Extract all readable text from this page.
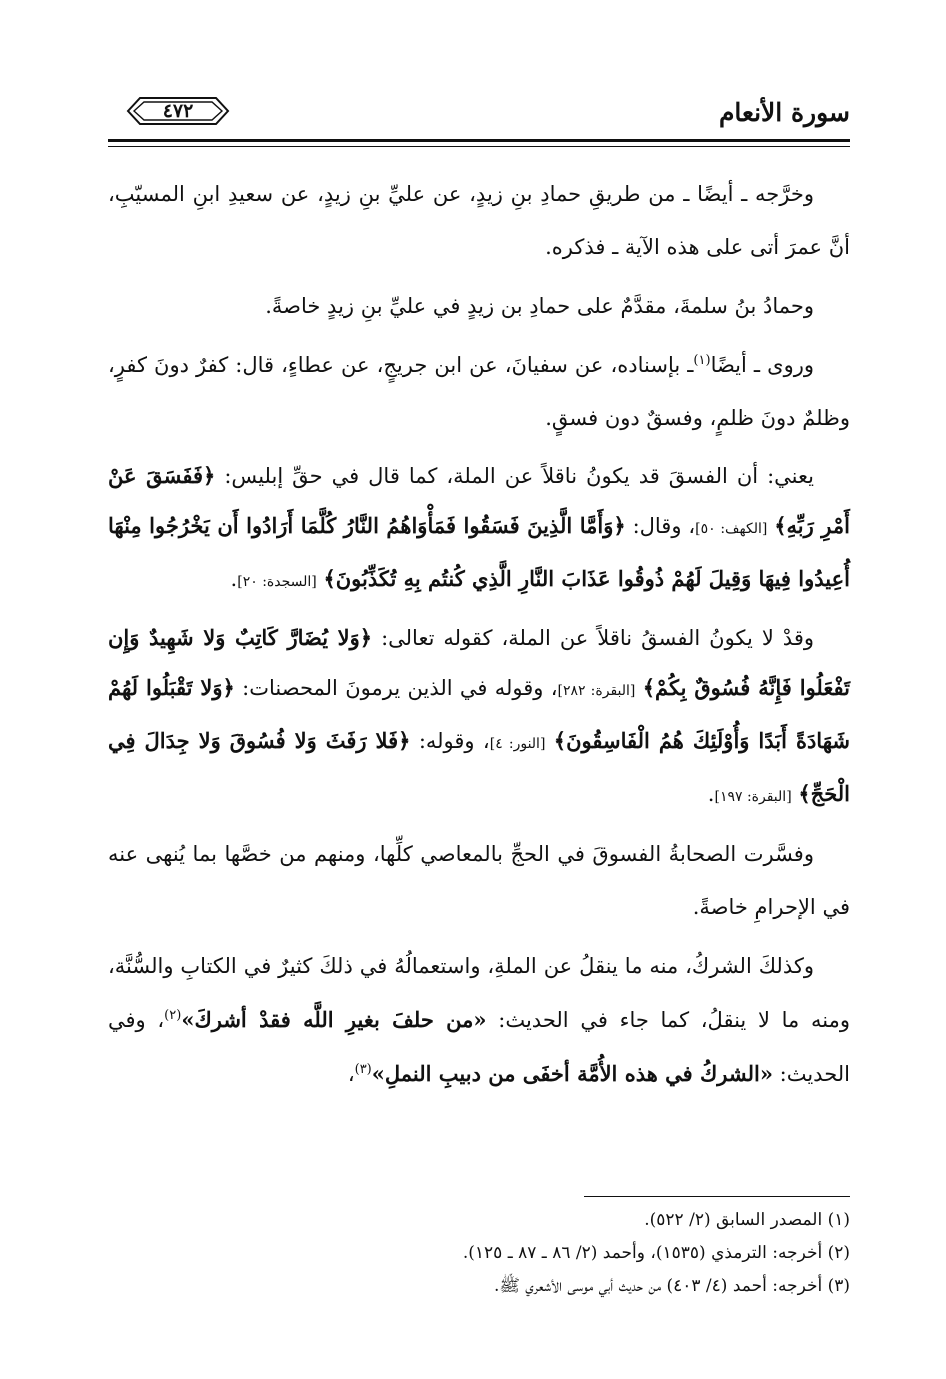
سورة الأنعام
٤٧٢

وخرَّجه ـ أيضًا ـ من طريقِ حمادِ بنِ زيدٍ، عن عليِّ بنِ زيدٍ، عن سعيدِ ابنِ المسيّبِ، أنَّ عمرَ أتى على هذه الآية ـ فذكره.

وحمادُ بنُ سلمةَ، مقدَّمٌ على حمادِ بن زيدٍ في عليِّ بنِ زيدٍ خاصةً.

وروى ـ أيضًا$^{(١)}$ـ بإسناده، عن سفيانَ، عن ابن جريجٍ، عن عطاءٍ، قال: كفرٌ دونَ كفرٍ، وظلمٌ دونَ ظلمٍ، وفسقٌ دون فسقٍ.

يعني: أن الفسقَ قد يكونُ ناقلاً عن الملة، كما قال في حقِّ إبليس: ﴿فَفَسَقَ عَنْ أَمْرِ رَبِّهِ﴾ [الكهف: ٥٠]، وقال: ﴿وَأَمَّا الَّذِينَ فَسَقُوا فَمَأْوَاهُمُ النَّارُ كُلَّمَا أَرَادُوا أَن يَخْرُجُوا مِنْهَا أُعِيدُوا فِيهَا وَقِيلَ لَهُمْ ذُوقُوا عَذَابَ النَّارِ الَّذِي كُنتُم بِهِ تُكَذِّبُونَ﴾ [السجدة: ٢٠].

وقدْ لا يكونُ الفسقُ ناقلاً عن الملة، كقوله تعالى: ﴿وَلا يُضَارَّ كَاتِبٌ وَلا شَهِيدٌ وَإِن تَفْعَلُوا فَإِنَّهُ فُسُوقٌ بِكُمْ﴾ [البقرة: ٢٨٢]، وقوله في الذين يرمونَ المحصنات: ﴿وَلا تَقْبَلُوا لَهُمْ شَهَادَةً أَبَدًا وَأُوْلَئِكَ هُمُ الْفَاسِقُونَ﴾ [النور: ٤]، وقوله: ﴿فَلا رَفَثَ وَلا فُسُوقَ وَلا جِدَالَ فِي الْحَجِّ﴾ [البقرة: ١٩٧].

وفسَّرت الصحابةُ الفسوقَ في الحجِّ بالمعاصي كلِّها، ومنهم من خصَّها بما يُنهى عنه في الإحرامِ خاصةً.

وكذلكَ الشركُ، منه ما ينقلُ عن الملةِ، واستعمالُهُ في ذلكَ كثيرٌ في الكتابِ والسُّنَّة، ومنه ما لا ينقلُ، كما جاء في الحديث: «من حلفَ بغيرِ اللَّه فقدْ أشركَ»$^{(٢)}$، وفي الحديث: «الشركُ في هذه الأُمَّة أخفَى من دبيبِ النملِ»$^{(٣)}$،

(١) المصدر السابق (٢/ ٥٢٢).
(٢) أخرجه: الترمذي (١٥٣٥)، وأحمد (٢/ ٨٦ ـ ٨٧ ـ ١٢٥).
(٣) أخرجه: أحمد (٤/ ٤٠٣) من حديث أبي موسى الأشعري ﷺ.
